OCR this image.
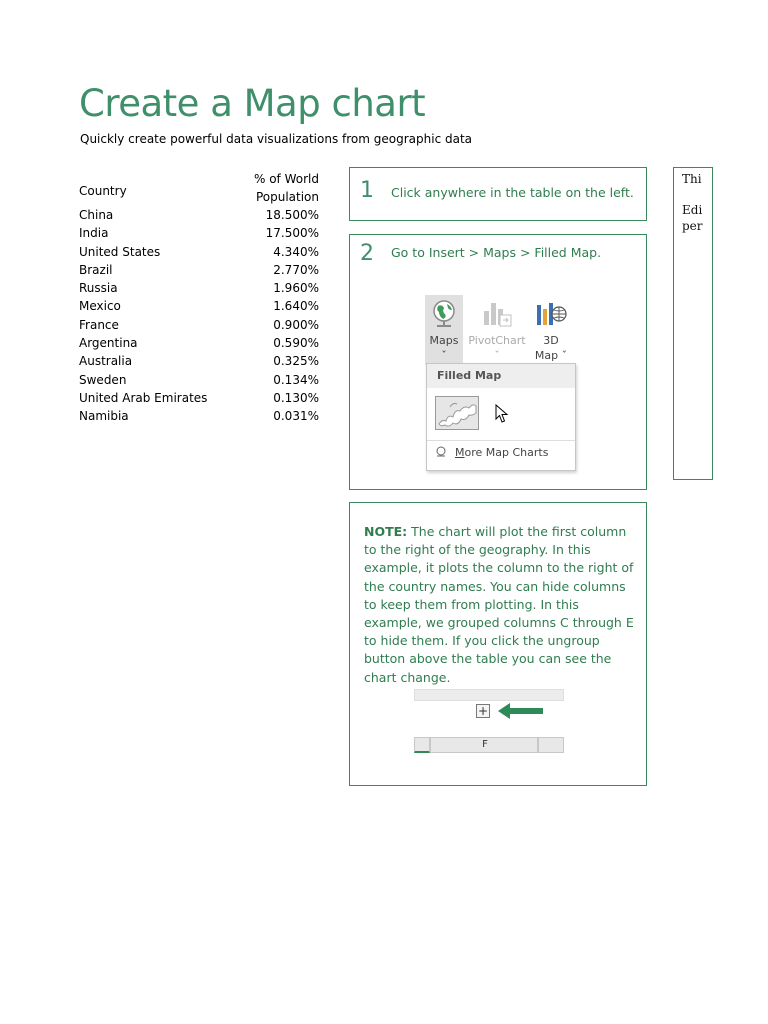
Create a Map chart
Quickly create powerful data visualizations from geographic data
Country	% of World
Population
China	18.500%
India	17.500%
United States	4.340%
Brazil	2.770%
Russia	1.960%
Mexico	1.640%
France	0.900%
Argentina	0.590%
Australia	0.325%
Sweden	0.134%
United Arab Emirates	0.130%
Namibia	0.031%
1 Click anywhere in the table on the left.
2 Go to Insert > Maps > Filled Map.
Maps
ˇ
PivotChart
ˇ
3D
Map ˇ
Filled Map
More Map Charts
NOTE: The chart will plot the first column to the right of the geography. In this example, it plots the column to the right of the country names. You can hide columns to keep them from plotting. In this example, we grouped columns C through E to hide them. If you click the ungroup button above the table you can see the chart change.
+
F
Thi
Edi
per
